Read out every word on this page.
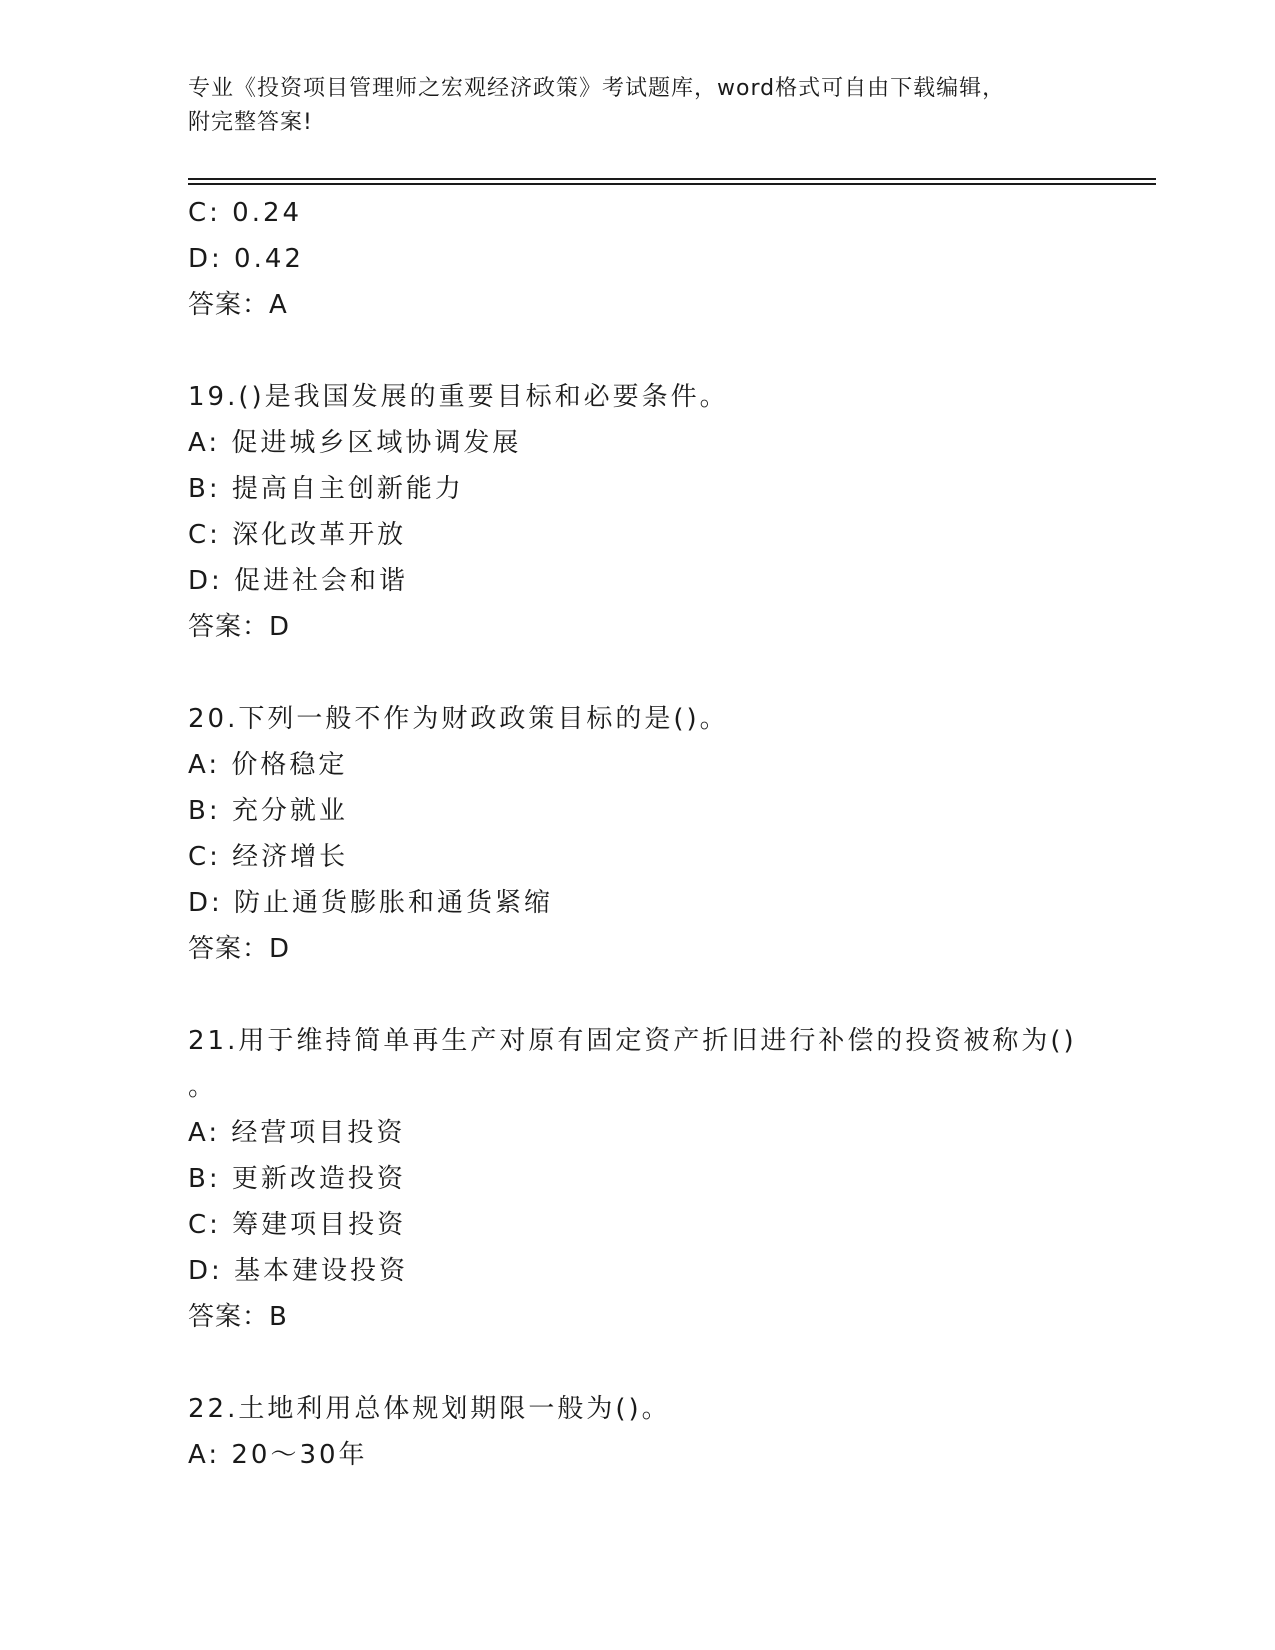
专业《投资项目管理师之宏观经济政策》考试题库，word格式可自由下载编辑，
附完整答案!
C: 0.24
D: 0.42
答案：A
19.()是我国发展的重要目标和必要条件。
A: 促进城乡区域协调发展
B: 提高自主创新能力
C: 深化改革开放
D: 促进社会和谐
答案：D
20.下列一般不作为财政政策目标的是()。
A: 价格稳定
B: 充分就业
C: 经济增长
D: 防止通货膨胀和通货紧缩
答案：D
21.用于维持简单再生产对原有固定资产折旧进行补偿的投资被称为()
。
A: 经营项目投资
B: 更新改造投资
C: 筹建项目投资
D: 基本建设投资
答案：B
22.土地利用总体规划期限一般为()。
A: 20～30年
